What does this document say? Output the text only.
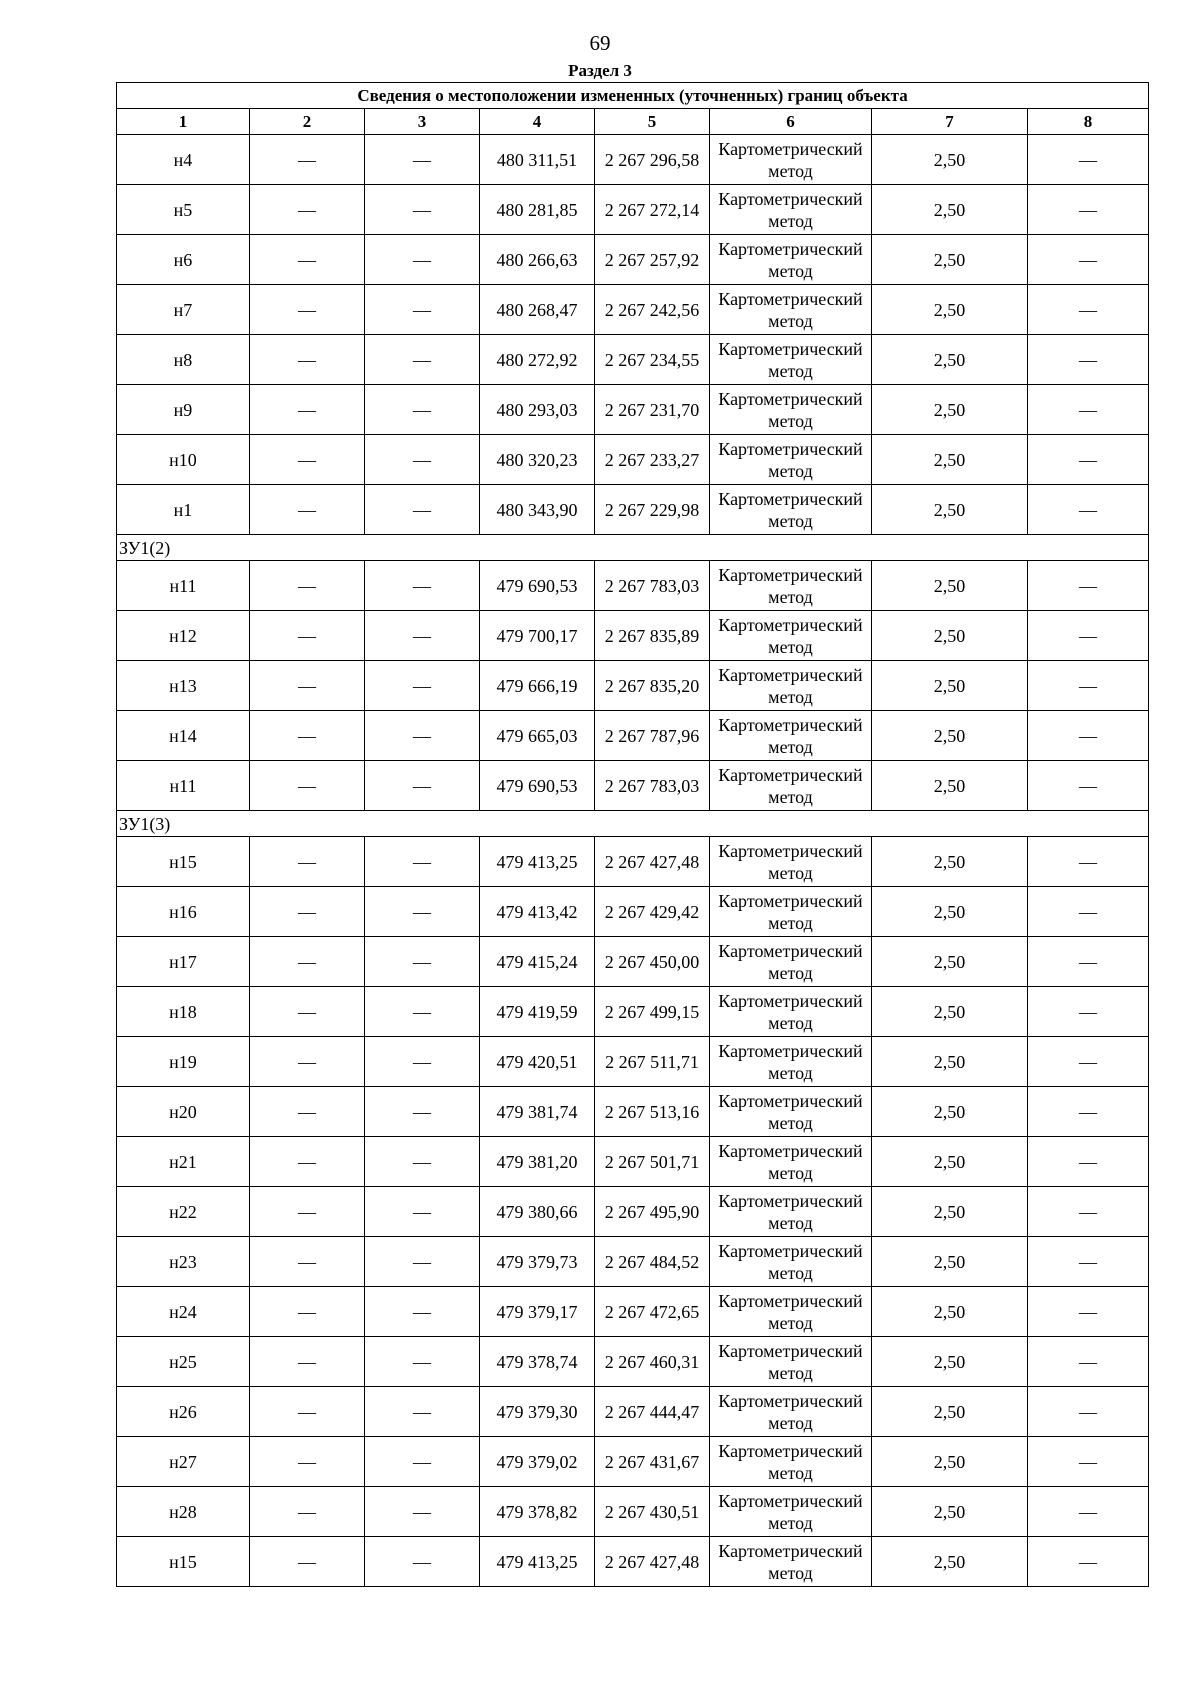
69
Раздел 3
Сведения о местоположении измененных (уточненных) границ объекта							
1	2	3	4	5	6	7	8
н4	—	—	480 311,51	2 267 296,58	Картометрический метод	2,50	—
н5	—	—	480 281,85	2 267 272,14	Картометрический метод	2,50	—
н6	—	—	480 266,63	2 267 257,92	Картометрический метод	2,50	—
н7	—	—	480 268,47	2 267 242,56	Картометрический метод	2,50	—
н8	—	—	480 272,92	2 267 234,55	Картометрический метод	2,50	—
н9	—	—	480 293,03	2 267 231,70	Картометрический метод	2,50	—
н10	—	—	480 320,23	2 267 233,27	Картометрический метод	2,50	—
н1	—	—	480 343,90	2 267 229,98	Картометрический метод	2,50	—
ЗУ1(2)							
н11	—	—	479 690,53	2 267 783,03	Картометрический метод	2,50	—
н12	—	—	479 700,17	2 267 835,89	Картометрический метод	2,50	—
н13	—	—	479 666,19	2 267 835,20	Картометрический метод	2,50	—
н14	—	—	479 665,03	2 267 787,96	Картометрический метод	2,50	—
н11	—	—	479 690,53	2 267 783,03	Картометрический метод	2,50	—
ЗУ1(3)							
н15	—	—	479 413,25	2 267 427,48	Картометрический метод	2,50	—
н16	—	—	479 413,42	2 267 429,42	Картометрический метод	2,50	—
н17	—	—	479 415,24	2 267 450,00	Картометрический метод	2,50	—
н18	—	—	479 419,59	2 267 499,15	Картометрический метод	2,50	—
н19	—	—	479 420,51	2 267 511,71	Картометрический метод	2,50	—
н20	—	—	479 381,74	2 267 513,16	Картометрический метод	2,50	—
н21	—	—	479 381,20	2 267 501,71	Картометрический метод	2,50	—
н22	—	—	479 380,66	2 267 495,90	Картометрический метод	2,50	—
н23	—	—	479 379,73	2 267 484,52	Картометрический метод	2,50	—
н24	—	—	479 379,17	2 267 472,65	Картометрический метод	2,50	—
н25	—	—	479 378,74	2 267 460,31	Картометрический метод	2,50	—
н26	—	—	479 379,30	2 267 444,47	Картометрический метод	2,50	—
н27	—	—	479 379,02	2 267 431,67	Картометрический метод	2,50	—
н28	—	—	479 378,82	2 267 430,51	Картометрический метод	2,50	—
н15	—	—	479 413,25	2 267 427,48	Картометрический метод	2,50	—
